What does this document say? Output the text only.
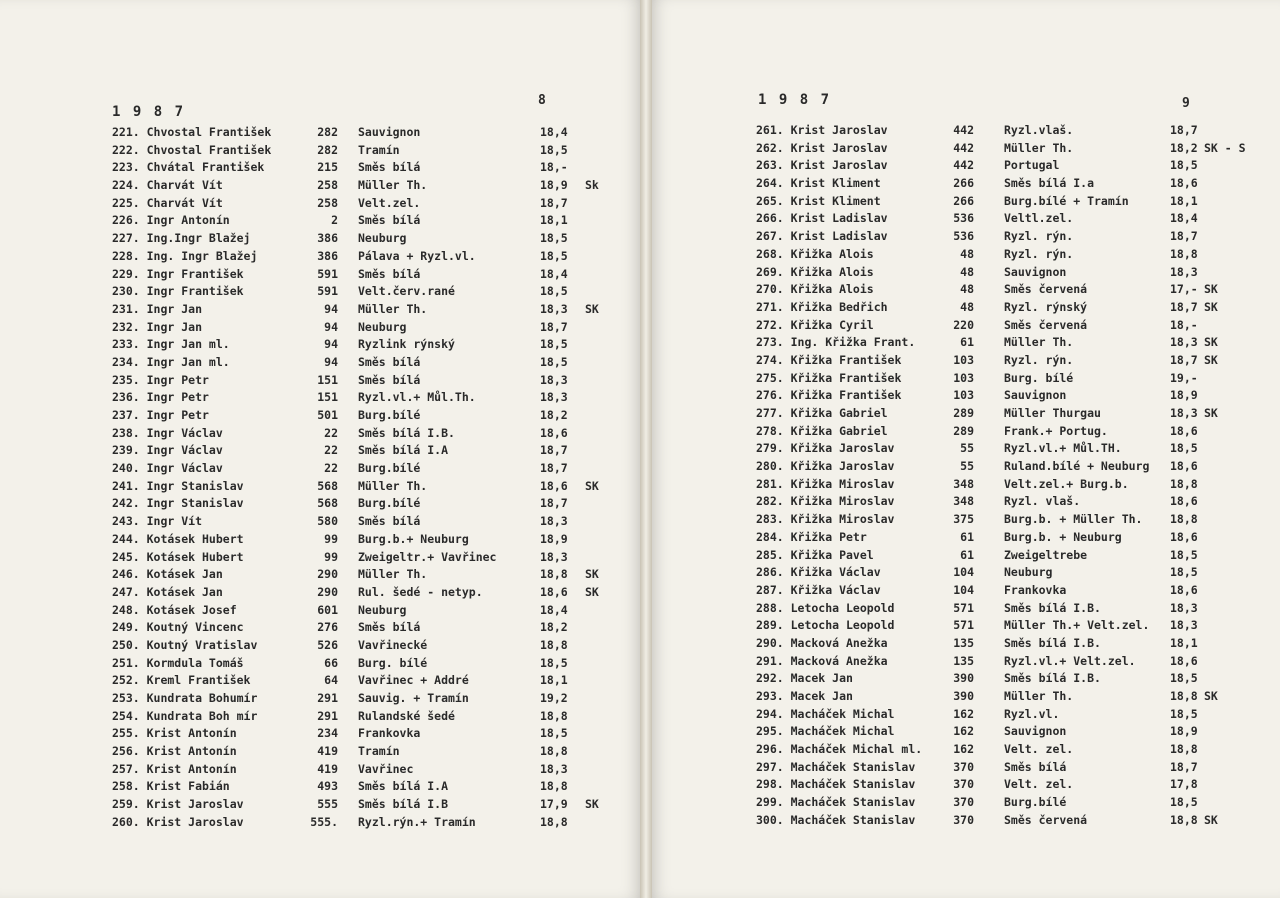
1 9 8 7
8
221. Chvostal František	282 Sauvignon	18,4
222. Chvostal František	282 Tramín	18,5
223. Chvátal František	215 Směs bílá	18,-
224. Charvát Vít	258 Müller Th.	18,9 Sk
225. Charvát Vít	258 Velt.zel.	18,7
226. Ingr Antonín	2 Směs bílá	18,1
227. Ing.Ingr Blažej	386 Neuburg	18,5
228. Ing. Ingr Blažej	386 Pálava + Ryzl.vl.	18,5
229. Ingr František	591 Směs bílá	18,4
230. Ingr František	591 Velt.červ.rané	18,5
231. Ingr Jan	94 Müller Th.	18,3 SK
232. Ingr Jan	94 Neuburg	18,7
233. Ingr Jan ml.	94 Ryzlink rýnský	18,5
234. Ingr Jan ml.	94 Směs bílá	18,5
235. Ingr Petr	151 Směs bílá	18,3
236. Ingr Petr	151 Ryzl.vl.+ Můl.Th.	18,3
237. Ingr Petr	501 Burg.bílé	18,2
238. Ingr Václav	22 Směs bílá I.B.	18,6
239. Ingr Václav	22 Směs bílá I.A	18,7
240. Ingr Václav	22 Burg.bílé	18,7
241. Ingr Stanislav	568 Müller Th.	18,6 SK
242. Ingr Stanislav	568 Burg.bílé	18,7
243. Ingr Vít	580 Směs bílá	18,3
244. Kotásek Hubert	99 Burg.b.+ Neuburg	18,9
245. Kotásek Hubert	99 Zweigeltr.+ Vavřinec	18,3
246. Kotásek Jan	290 Müller Th.	18,8 SK
247. Kotásek Jan	290 Rul. šedé - netyp.	18,6 SK
248. Kotásek Josef	601 Neuburg	18,4
249. Koutný Vincenc	276 Směs bílá	18,2
250. Koutný Vratislav	526 Vavřinecké	18,8
251. Kormdula Tomáš	66 Burg. bílé	18,5
252. Kreml František	64 Vavřinec + Addré	18,1
253. Kundrata Bohumír	291 Sauvig. + Tramín	19,2
254. Kundrata Boh mír	291 Rulandské šedé	18,8
255. Krist Antonín	234 Frankovka	18,5
256. Krist Antonín	419 Tramín	18,8
257. Krist Antonín	419 Vavřinec	18,3
258. Krist Fabián	493 Směs bílá I.A	18,8
259. Krist Jaroslav	555 Směs bílá I.B	17,9 SK
260. Krist Jaroslav	555. Ryzl.rýn.+ Tramín	18,8
1 9 8 7	9
261. Krist Jaroslav	442	Ryzl.vlaš.	18,7
262. Krist Jaroslav	442	Müller Th.	18,2 SK - S
263. Krist Jaroslav	442	Portugal	18,5
264. Krist Kliment	266	Směs bílá I.a	18,6
265. Krist Kliment	266	Burg.bílé + Tramín	18,1
266. Krist Ladislav	536	Veltl.zel.	18,4
267. Krist Ladislav	536	Ryzl. rýn.	18,7
268. Křižka Alois	48	Ryzl. rýn.	18,8
269. Křižka Alois	48	Sauvignon	18,3
270. Křižka Alois	48	Směs červená	17,- SK
271. Křižka Bedřich	48	Ryzl. rýnský	18,7 SK
272. Křižka Cyril	220	Směs červená	18,-
273. Ing. Křižka Frant.	61	Müller Th.	18,3 SK
274. Křižka František	103	Ryzl. rýn.	18,7 SK
275. Křižka František	103	Burg. bílé	19,-
276. Křižka František	103	Sauvignon	18,9
277. Křižka Gabriel	289	Müller Thurgau	18,3 SK
278. Křižka Gabriel	289	Frank.+ Portug.	18,6
279. Křižka Jaroslav	55	Ryzl.vl.+ Můl.TH.	18,5
280. Křižka Jaroslav	55	Ruland.bílé + Neuburg 18,6
281. Křižka Miroslav	348	Velt.zel.+ Burg.b.	18,8
282. Křižka Miroslav	348	Ryzl. vlaš.	18,6
283. Křižka Miroslav	375	Burg.b. + Müller Th. 18,8
284. Křižka Petr	61	Burg.b. + Neuburg	18,6
285. Křižka Pavel	61	Zweigeltrebe	18,5
286. Křižka Václav	104	Neuburg	18,5
287. Křižka Václav	104	Frankovka	18,6
288. Letocha Leopold	571	Směs bílá I.B.	18,3
289. Letocha Leopold	571	Müller Th.+ Velt.zel. 18,3
290. Macková Anežka	135	Směs bílá I.B.	18,1
291. Macková Anežka	135	Ryzl.vl.+ Velt.zel.	18,6
292. Macek Jan	390	Směs bílá I.B.	18,5
293. Macek Jan	390	Müller Th.	18,8 SK
294. Macháček Michal	162	Ryzl.vl.	18,5
295. Macháček Michal	162	Sauvignon	18,9
296. Macháček Michal ml.	162	Velt. zel.	18,8
297. Macháček Stanislav	370	Směs bílá	18,7
298. Macháček Stanislav	370	Velt. zel.	17,8
299. Macháček Stanislav	370	Burg.bílé	18,5
300. Macháček Stanislav	370	Směs červená	18,8 SK
